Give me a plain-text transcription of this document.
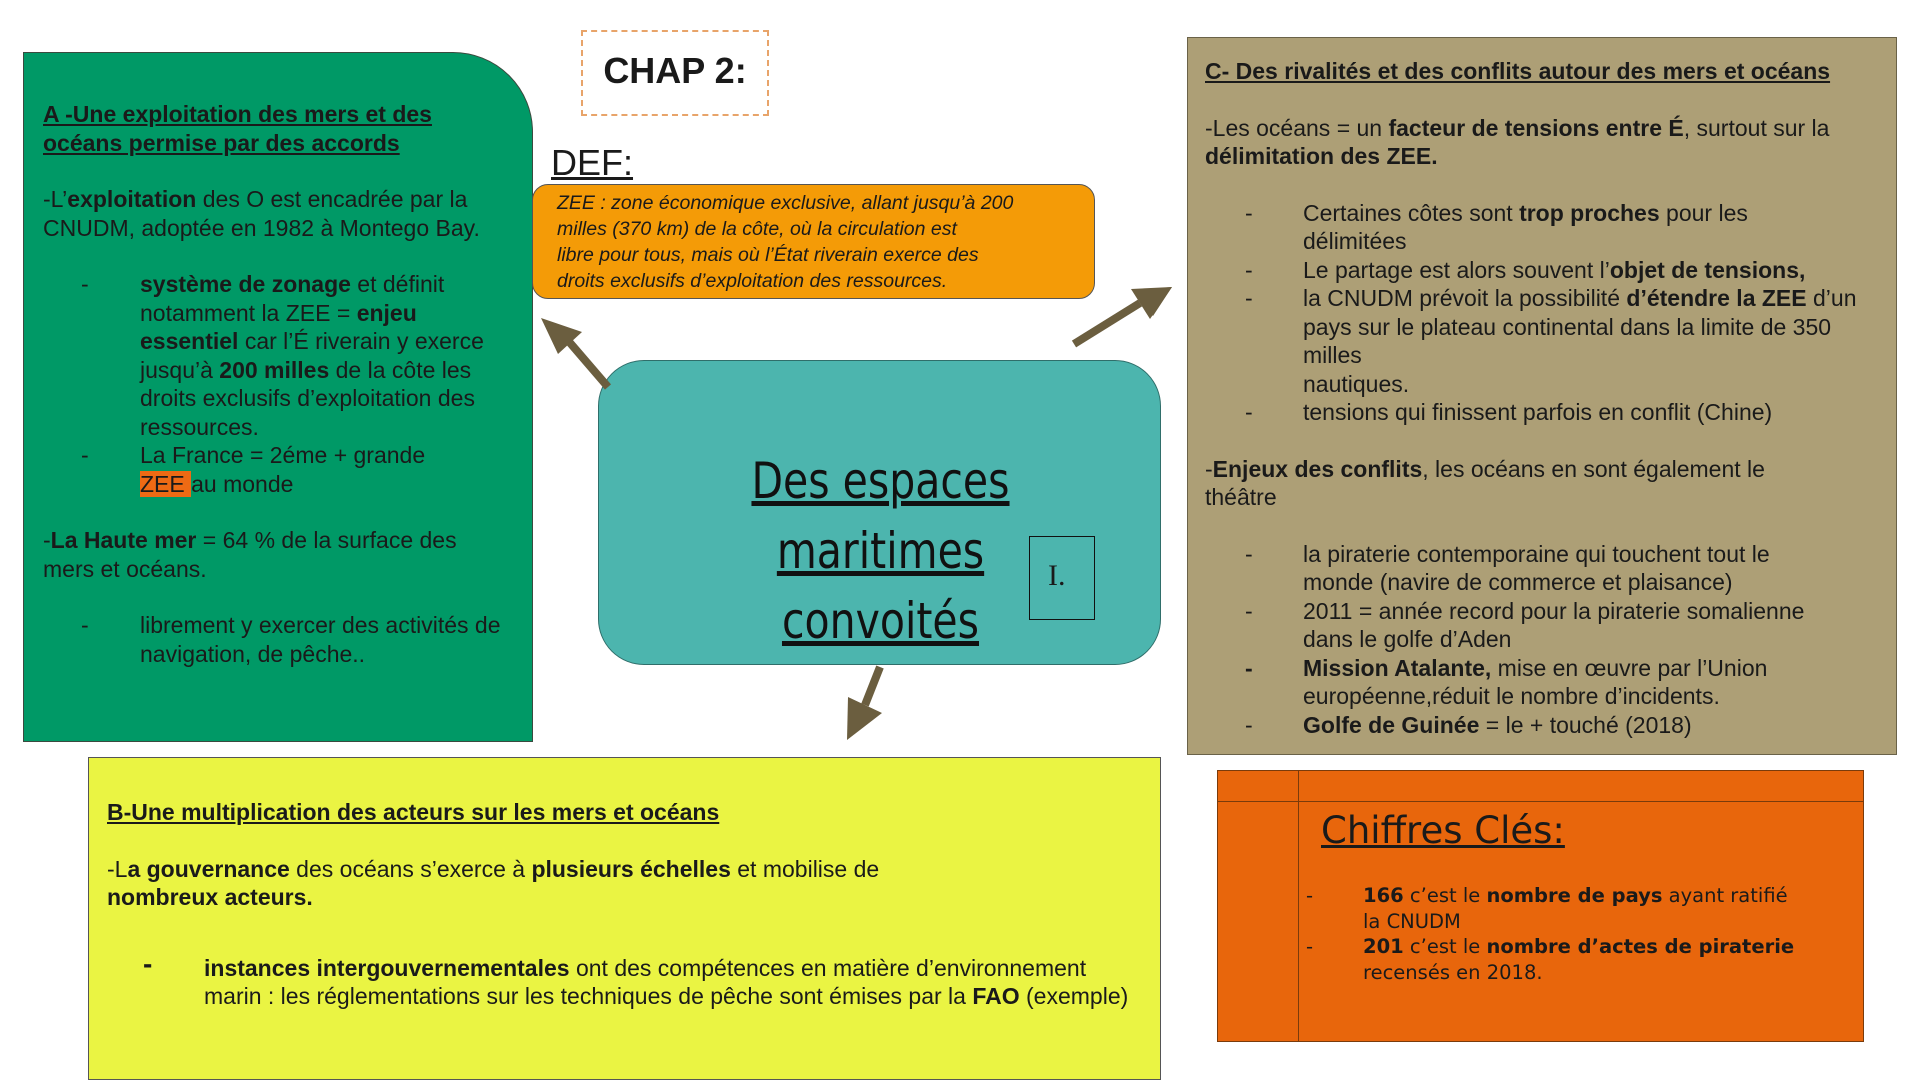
CHAP 2:

A -Une exploitation des mers et des
océans permise par des accords

-L’exploitation des O est encadrée par la CNUDM, adoptée en 1982 à Montego Bay.

- système de zonage et définit notamment la ZEE = enjeu essentiel car l’É riverain y exerce jusqu’à 200 milles de la côte les droits exclusifs d’exploitation des ressources.
- La France = 2éme + grande
ZEE au monde

-La Haute mer = 64 % de la surface des mers et océans.

- librement y exercer des activités de navigation, de pêche..
DEF:
ZEE : zone économique exclusive, allant jusqu’à 200
milles (370 km) de la côte, où la circulation est
libre pour tous, mais où l’État riverain exerce des
droits exclusifs d’exploitation des ressources.
Des espaces maritimes
convoités
I.

C- Des rivalités et des conflits autour des mers et océans

-Les océans = un facteur de tensions entre É, surtout sur la
délimitation des ZEE.

- Certaines côtes sont trop proches pour les délimitées
- Le partage est alors souvent l’objet de tensions,
- la CNUDM prévoit la possibilité d’étendre la ZEE d’un pays sur le plateau continental dans la limite de 350 milles
nautiques.
- tensions qui finissent parfois en conflit (Chine)

-Enjeux des conflits, les océans en sont également le théâtre

- la piraterie contemporaine qui touchent tout le monde (navire de commerce et plaisance)
- 2011 = année record pour la piraterie somalienne dans le golfe d’Aden
- Mission Atalante, mise en œuvre par l’Union européenne,réduit le nombre d’incidents.
- Golfe de Guinée = le + touché (2018)

B-Une multiplication des acteurs sur les mers et océans

-La gouvernance des océans s’exerce à plusieurs échelles et mobilise de nombreux acteurs.

- instances intergouvernementales ont des compétences en matière d’environnement marin : les réglementations sur les techniques de pêche sont émises par la FAO (exemple)
Chiffres Clés:
-	166 c’est le nombre de pays ayant ratifié la CNUDM
-	201 c’est le nombre d’actes de piraterie
recensés en 2018.
